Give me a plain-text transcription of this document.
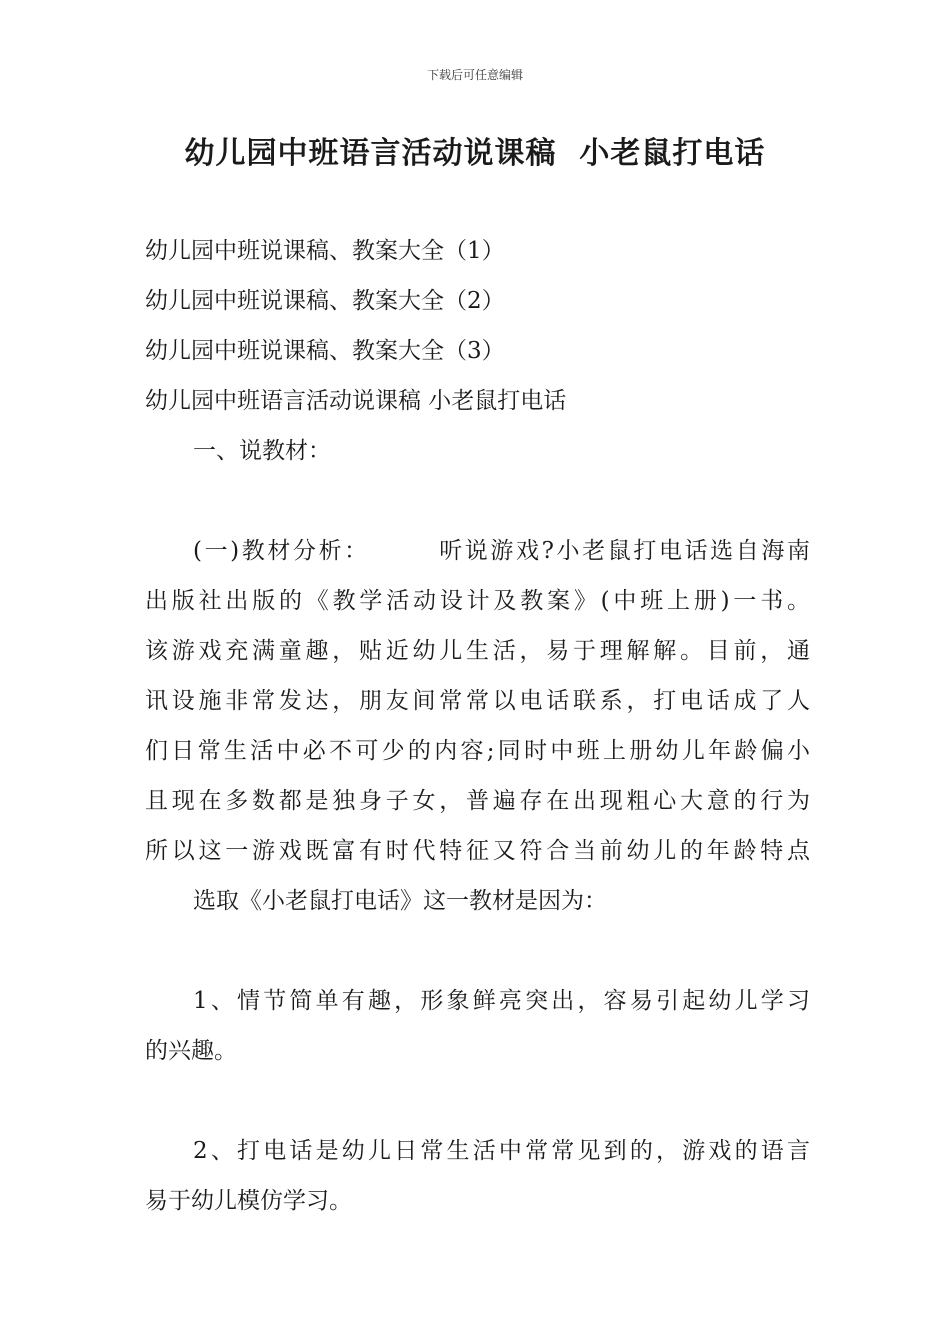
下载后可任意编辑
幼儿园中班语言活动说课稿  小老鼠打电话

幼儿园中班说课稿、教案大全（1）

幼儿园中班说课稿、教案大全（2）

幼儿园中班说课稿、教案大全（3）

幼儿园中班语言活动说课稿 小老鼠打电话

一、说教材：

(一)教材分析：       听说游戏?小老鼠打电话选自海南

出版社出版的《教学活动设计及教案》(中班上册)一书。

该游戏充满童趣，贴近幼儿生活，易于理解解。目前，通

讯设施非常发达，朋友间常常以电话联系，打电话成了人

们日常生活中必不可少的内容;同时中班上册幼儿年龄偏小

且现在多数都是独身子女，普遍存在出现粗心大意的行为

所以这一游戏既富有时代特征又符合当前幼儿的年龄特点

选取《小老鼠打电话》这一教材是因为：

1、情节简单有趣，形象鲜亮突出，容易引起幼儿学习

的兴趣。

2、打电话是幼儿日常生活中常常见到的，游戏的语言

易于幼儿模仿学习。
